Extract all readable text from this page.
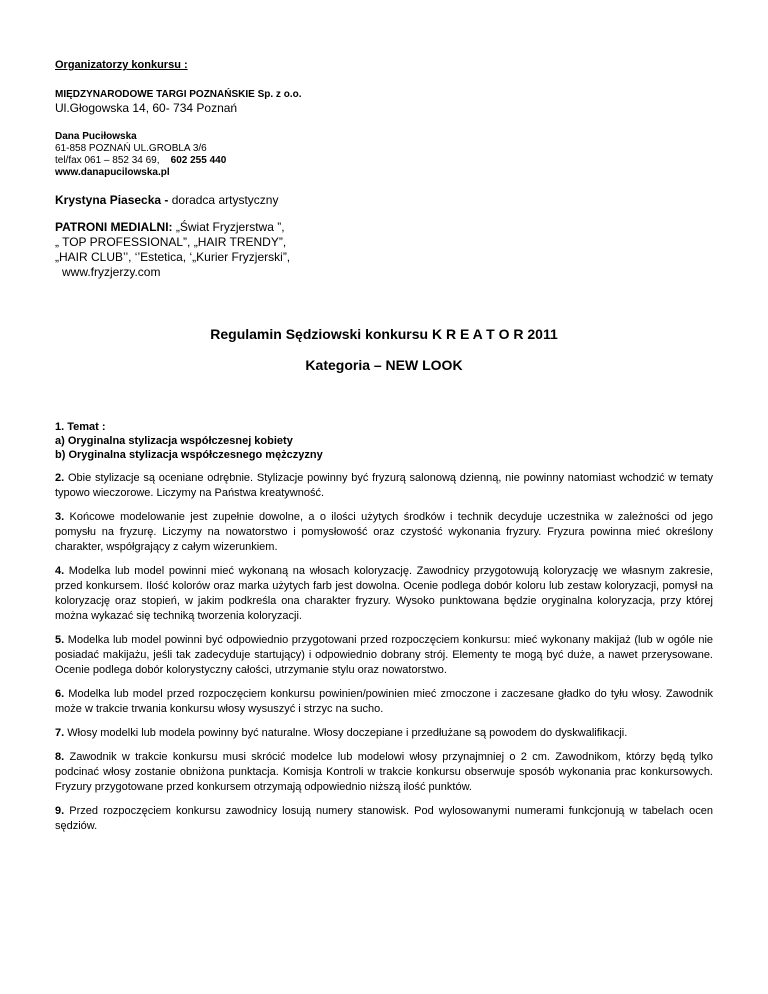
Organizatorzy konkursu :

MIĘDZYNARODOWE TARGI POZNAŃSKIE Sp. z o.o.

Ul.Głogowska 14, 60- 734 Poznań

Dana Puciłowska

61-858 POZNAŃ UL.GROBLA 3/6

tel/fax 061 – 852 34 69, 602 255 440

www.danapucilowska.pl

Krystyna Piasecka - doradca artystyczny

PATRONI MEDIALNI: „Świat Fryzjerstwa ”,

„ TOP PROFESSIONAL”, „HAIR TRENDY”,

„HAIR CLUB’’, ‘’Estetica, ‘„Kurier Fryzjerski”,

www.fryzjerzy.com

Regulamin Sędziowski konkursu K R E A T O R 2011

Kategoria – NEW LOOK

1. Temat :

a) Oryginalna stylizacja współczesnej kobiety

b) Oryginalna stylizacja współczesnego mężczyzny

2. Obie stylizacje są oceniane odrębnie. Stylizacje powinny być fryzurą salonową dzienną, nie powinny natomiast wchodzić w tematy typowo wieczorowe. Liczymy na Państwa kreatywność.

3. Końcowe modelowanie jest zupełnie dowolne, a o ilości użytych środków i technik decyduje uczestnika w zależności od jego pomysłu na fryzurę. Liczymy na nowatorstwo i pomysłowość oraz czystość wykonania fryzury. Fryzura powinna mieć określony charakter, współgrający z całym wizerunkiem.

4. Modelka lub model powinni mieć wykonaną na włosach koloryzację. Zawodnicy przygotowują koloryzację we własnym zakresie, przed konkursem. Ilość kolorów oraz marka użytych farb jest dowolna. Ocenie podlega dobór koloru lub zestaw koloryzacji, pomysł na koloryzację oraz stopień, w jakim podkreśla ona charakter fryzury. Wysoko punktowana będzie oryginalna koloryzacja, przy której można wykazać się techniką tworzenia koloryzacji.

5. Modelka lub model powinni być odpowiednio przygotowani przed rozpoczęciem konkursu: mieć wykonany makijaż (lub w ogóle nie posiadać makijażu, jeśli tak zadecyduje startujący) i odpowiednio dobrany strój. Elementy te mogą być duże, a nawet przerysowane. Ocenie podlega dobór kolorystyczny całości, utrzymanie stylu oraz nowatorstwo.

6. Modelka lub model przed rozpoczęciem konkursu powinien/powinien mieć zmoczone i zaczesane gładko do tyłu włosy. Zawodnik może w trakcie trwania konkursu włosy wysuszyć i strzyc na sucho.

7. Włosy modelki lub modela powinny być naturalne. Włosy doczepiane i przedłużane są powodem do dyskwalifikacji.

8. Zawodnik w trakcie konkursu musi skrócić modelce lub modelowi włosy przynajmniej o 2 cm. Zawodnikom, którzy będą tylko podcinać włosy zostanie obniżona punktacja. Komisja Kontroli w trakcie konkursu obserwuje sposób wykonania prac konkursowych. Fryzury przygotowane przed konkursem otrzymają odpowiednio niższą ilość punktów.

9. Przed rozpoczęciem konkursu zawodnicy losują numery stanowisk. Pod wylosowanymi numerami funkcjonują w tabelach ocen sędziów.
